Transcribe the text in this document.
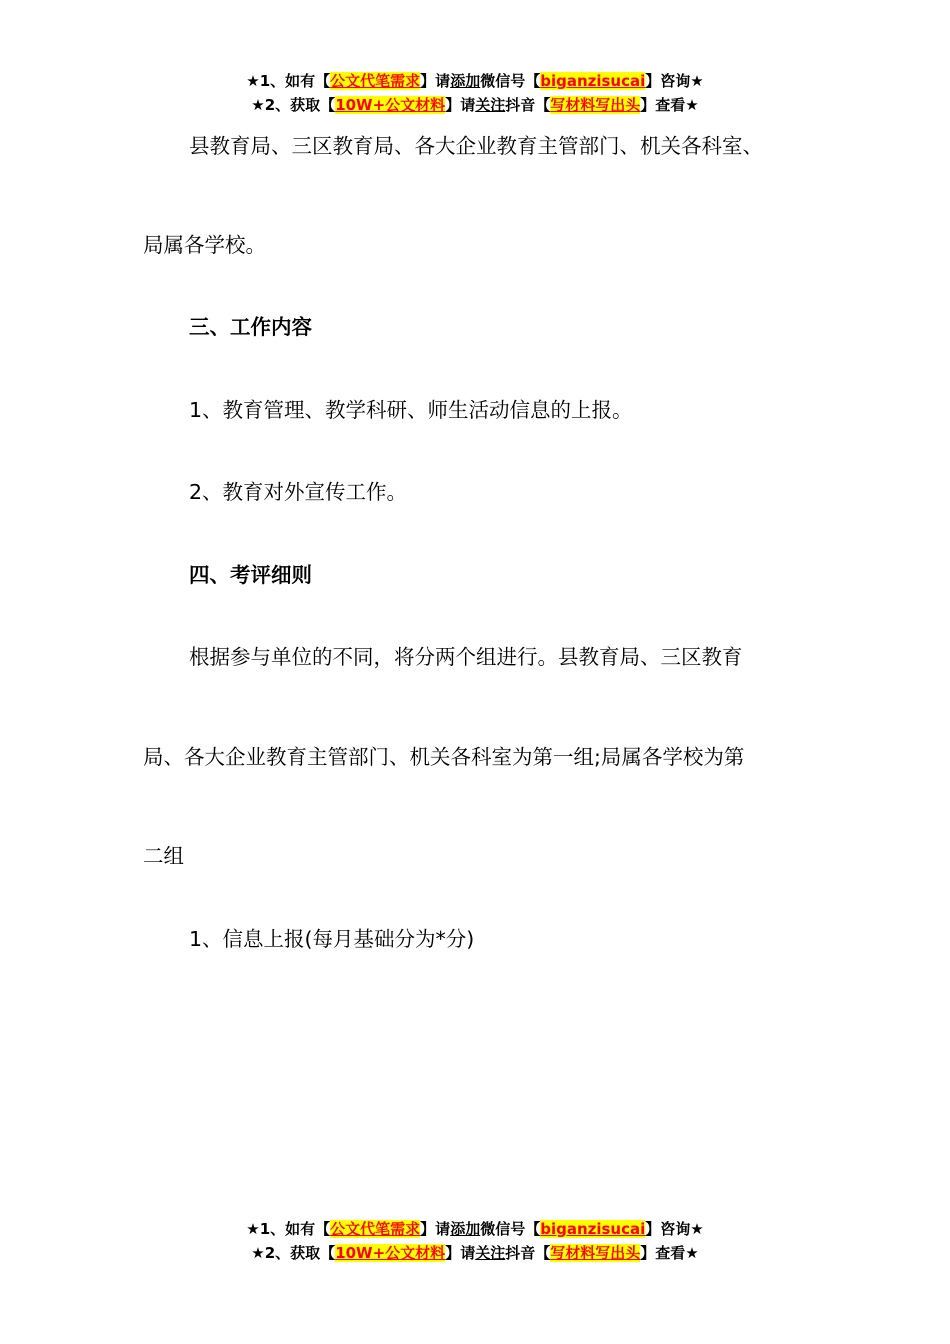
★1、如有【公文代笔需求】请添加微信号【biganzisucai】咨询★
★2、获取【10W+公文材料】请关注抖音【写材料写出头】查看★
县教育局、三区教育局、各大企业教育主管部门、机关各科室、
局属各学校。
三、工作内容
1、教育管理、教学科研、师生活动信息的上报。
2、教育对外宣传工作。
四、考评细则
根据参与单位的不同，将分两个组进行。县教育局、三区教育
局、各大企业教育主管部门、机关各科室为第一组;局属各学校为第
二组
1、信息上报(每月基础分为*分)
★1、如有【公文代笔需求】请添加微信号【biganzisucai】咨询★
★2、获取【10W+公文材料】请关注抖音【写材料写出头】查看★
